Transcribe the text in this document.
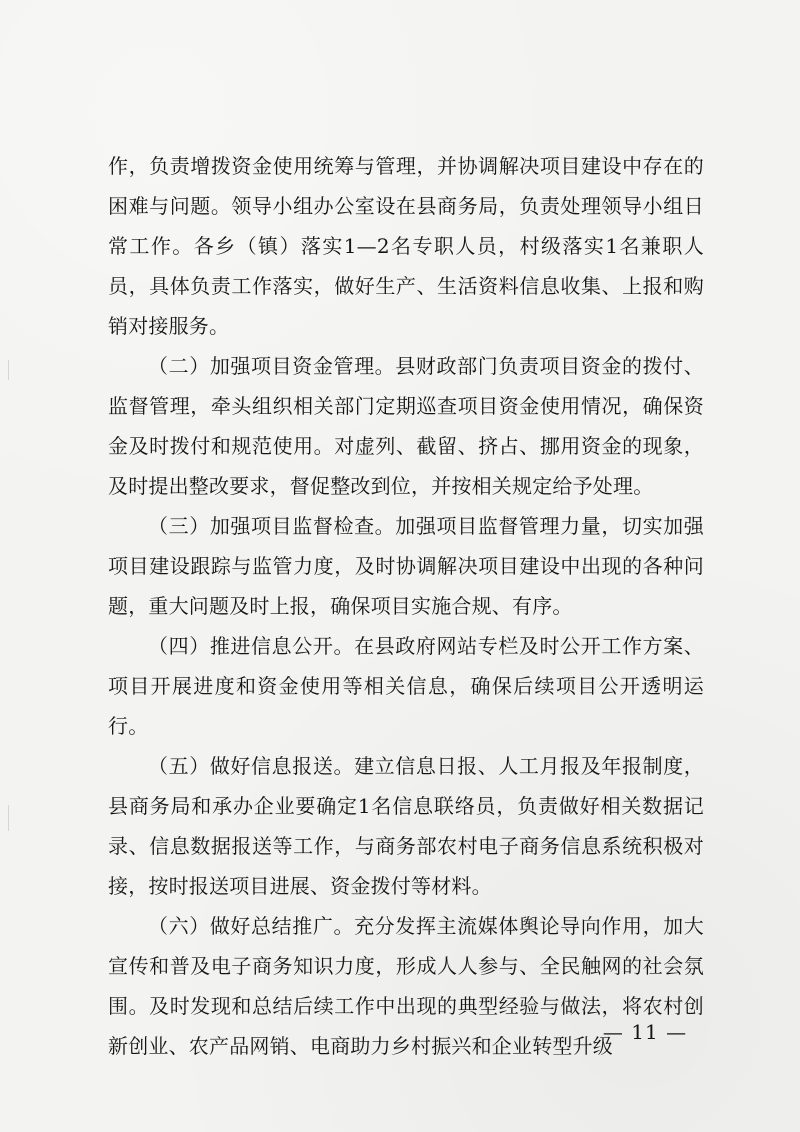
作，负责增拨资金使用统筹与管理，并协调解决项目建设中存在的困难与问题。领导小组办公室设在县商务局，负责处理领导小组日常工作。各乡（镇）落实1—2名专职人员，村级落实1名兼职人员，具体负责工作落实，做好生产、生活资料信息收集、上报和购销对接服务。

（二）加强项目资金管理。县财政部门负责项目资金的拨付、监督管理，牵头组织相关部门定期巡查项目资金使用情况，确保资金及时拨付和规范使用。对虚列、截留、挤占、挪用资金的现象，及时提出整改要求，督促整改到位，并按相关规定给予处理。

（三）加强项目监督检查。加强项目监督管理力量，切实加强项目建设跟踪与监管力度，及时协调解决项目建设中出现的各种问题，重大问题及时上报，确保项目实施合规、有序。

（四）推进信息公开。在县政府网站专栏及时公开工作方案、项目开展进度和资金使用等相关信息，确保后续项目公开透明运行。

（五）做好信息报送。建立信息日报、人工月报及年报制度，县商务局和承办企业要确定1名信息联络员，负责做好相关数据记录、信息数据报送等工作，与商务部农村电子商务信息系统积极对接，按时报送项目进展、资金拨付等材料。

（六）做好总结推广。充分发挥主流媒体舆论导向作用，加大宣传和普及电子商务知识力度，形成人人参与、全民触网的社会氛围。及时发现和总结后续工作中出现的典型经验与做法，将农村创新创业、农产品网销、电商助力乡村振兴和企业转型升级

— 11 —
